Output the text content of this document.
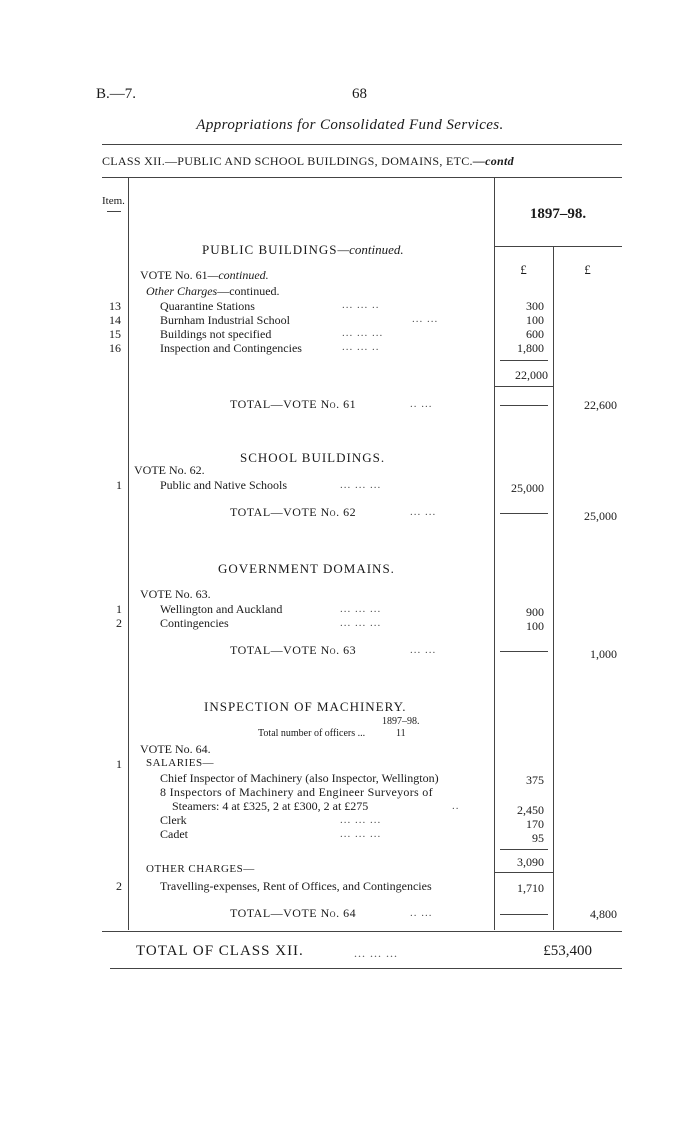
B.—7.	68
Appropriations for Consolidated Fund Services.
CLASS XII.—PUBLIC AND SCHOOL BUILDINGS, DOMAINS, ETC.—contd
Item.
1897–98.
£	£
PUBLIC BUILDINGS—continued.
VOTE No. 61—continued.
Other Charges—continued.
13	Quarantine Stations	... ... ..	300
14	Burnham Industrial School	... ...	100
15	Buildings not specified	... ... ...	600
16	Inspection and Contingencies	... ... ..	1,800
22,000
TOTAL—VOTE No. 61	.. ...	22,600
SCHOOL BUILDINGS.
VOTE No. 62.
1	Public and Native Schools	... ... ...	25,000
TOTAL—VOTE No. 62	... ...	25,000
GOVERNMENT DOMAINS.
VOTE No. 63.
1	Wellington and Auckland	... ... ...	900
2	Contingencies	... ... ...	100
TOTAL—VOTE No. 63	... ...	1,000
INSPECTION OF MACHINERY.
1897–98.
Total number of officers ...	11
VOTE No. 64.
1	SALARIES—
Chief Inspector of Machinery (also Inspector, Wellington)	375
8 Inspectors of Machinery and Engineer Surveyors of
Steamers: 4 at £325, 2 at £300, 2 at £275	..	2,450
Clerk	... ... ...	170
Cadet	... ... ...	95
3,090
OTHER CHARGES—
2	Travelling-expenses, Rent of Offices, and Contingencies	1,710
TOTAL—VOTE No. 64	.. ...	4,800
TOTAL OF CLASS XII.	... ... ...	£53,400
